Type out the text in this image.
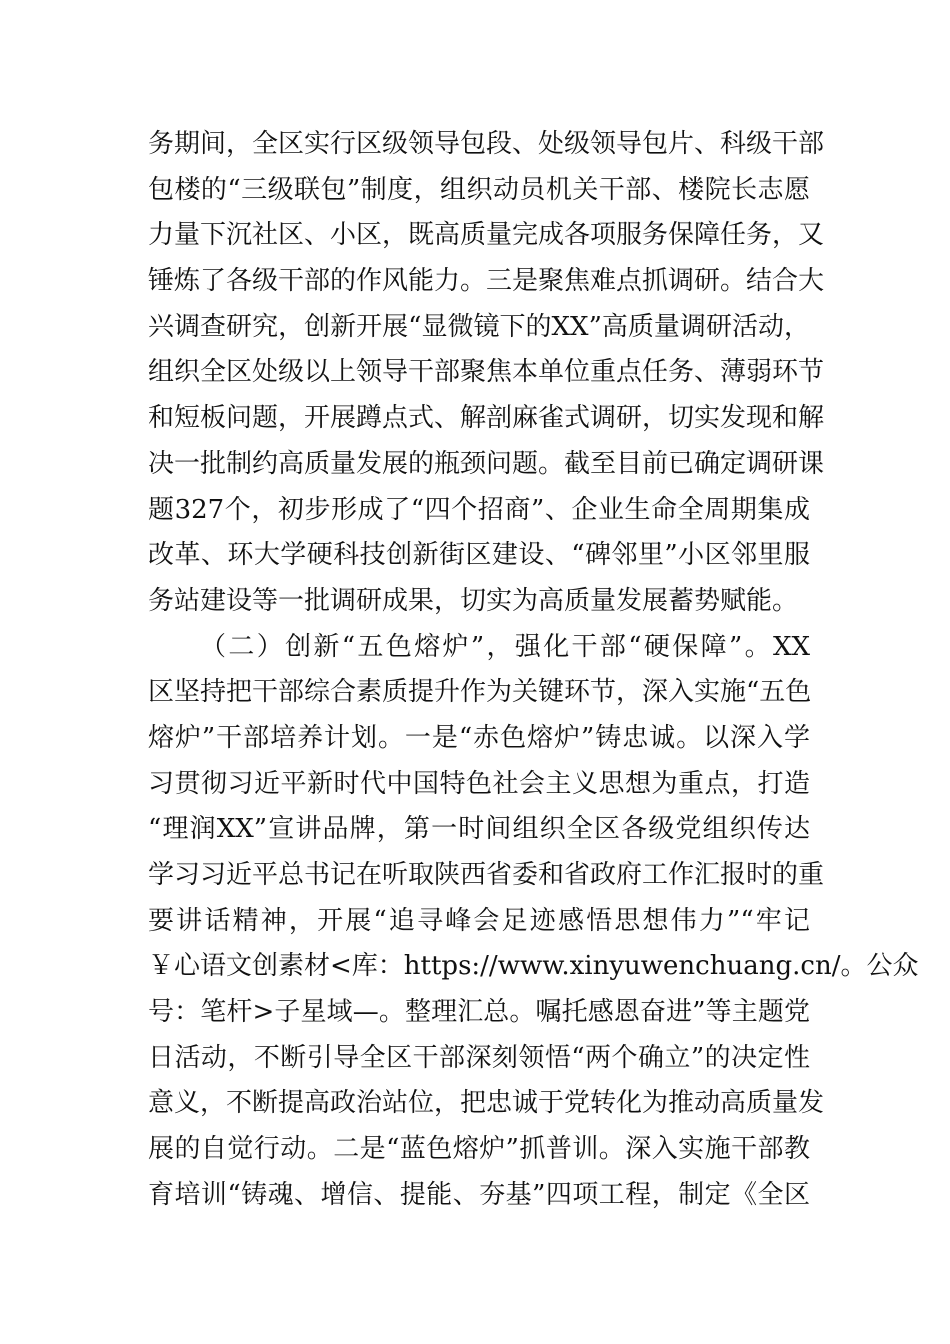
务期间，全区实行区级领导包段、处级领导包片、科级干部
包楼的“三级联包”制度，组织动员机关干部、楼院长志愿
力量下沉社区、小区，既高质量完成各项服务保障任务，又
锤炼了各级干部的作风能力。三是聚焦难点抓调研。结合大
兴调查研究，创新开展“显微镜下的XX”高质量调研活动，
组织全区处级以上领导干部聚焦本单位重点任务、薄弱环节
和短板问题，开展蹲点式、解剖麻雀式调研，切实发现和解
决一批制约高质量发展的瓶颈问题。截至目前已确定调研课
题327个，初步形成了“四个招商”、企业生命全周期集成
改革、环大学硬科技创新街区建设、“碑邻里”小区邻里服
务站建设等一批调研成果，切实为高质量发展蓄势赋能。
（二）创新“五色熔炉”，强化干部“硬保障”。XX
区坚持把干部综合素质提升作为关键环节，深入实施“五色
熔炉”干部培养计划。一是“赤色熔炉”铸忠诚。以深入学
习贯彻习近平新时代中国特色社会主义思想为重点，打造
“理润XX”宣讲品牌，第一时间组织全区各级党组织传达
学习习近平总书记在听取陕西省委和省政府工作汇报时的重
要讲话精神，开展“追寻峰会足迹感悟思想伟力”“牢记
￥心语文创素材<库：https://www.xinyuwenchuang.cn/。公众
号：笔杆>子星域—。整理汇总。嘱托感恩奋进”等主题党
日活动，不断引导全区干部深刻领悟“两个确立”的决定性
意义，不断提高政治站位，把忠诚于党转化为推动高质量发
展的自觉行动。二是“蓝色熔炉”抓普训。深入实施干部教
育培训“铸魂、增信、提能、夯基”四项工程，制定《全区
